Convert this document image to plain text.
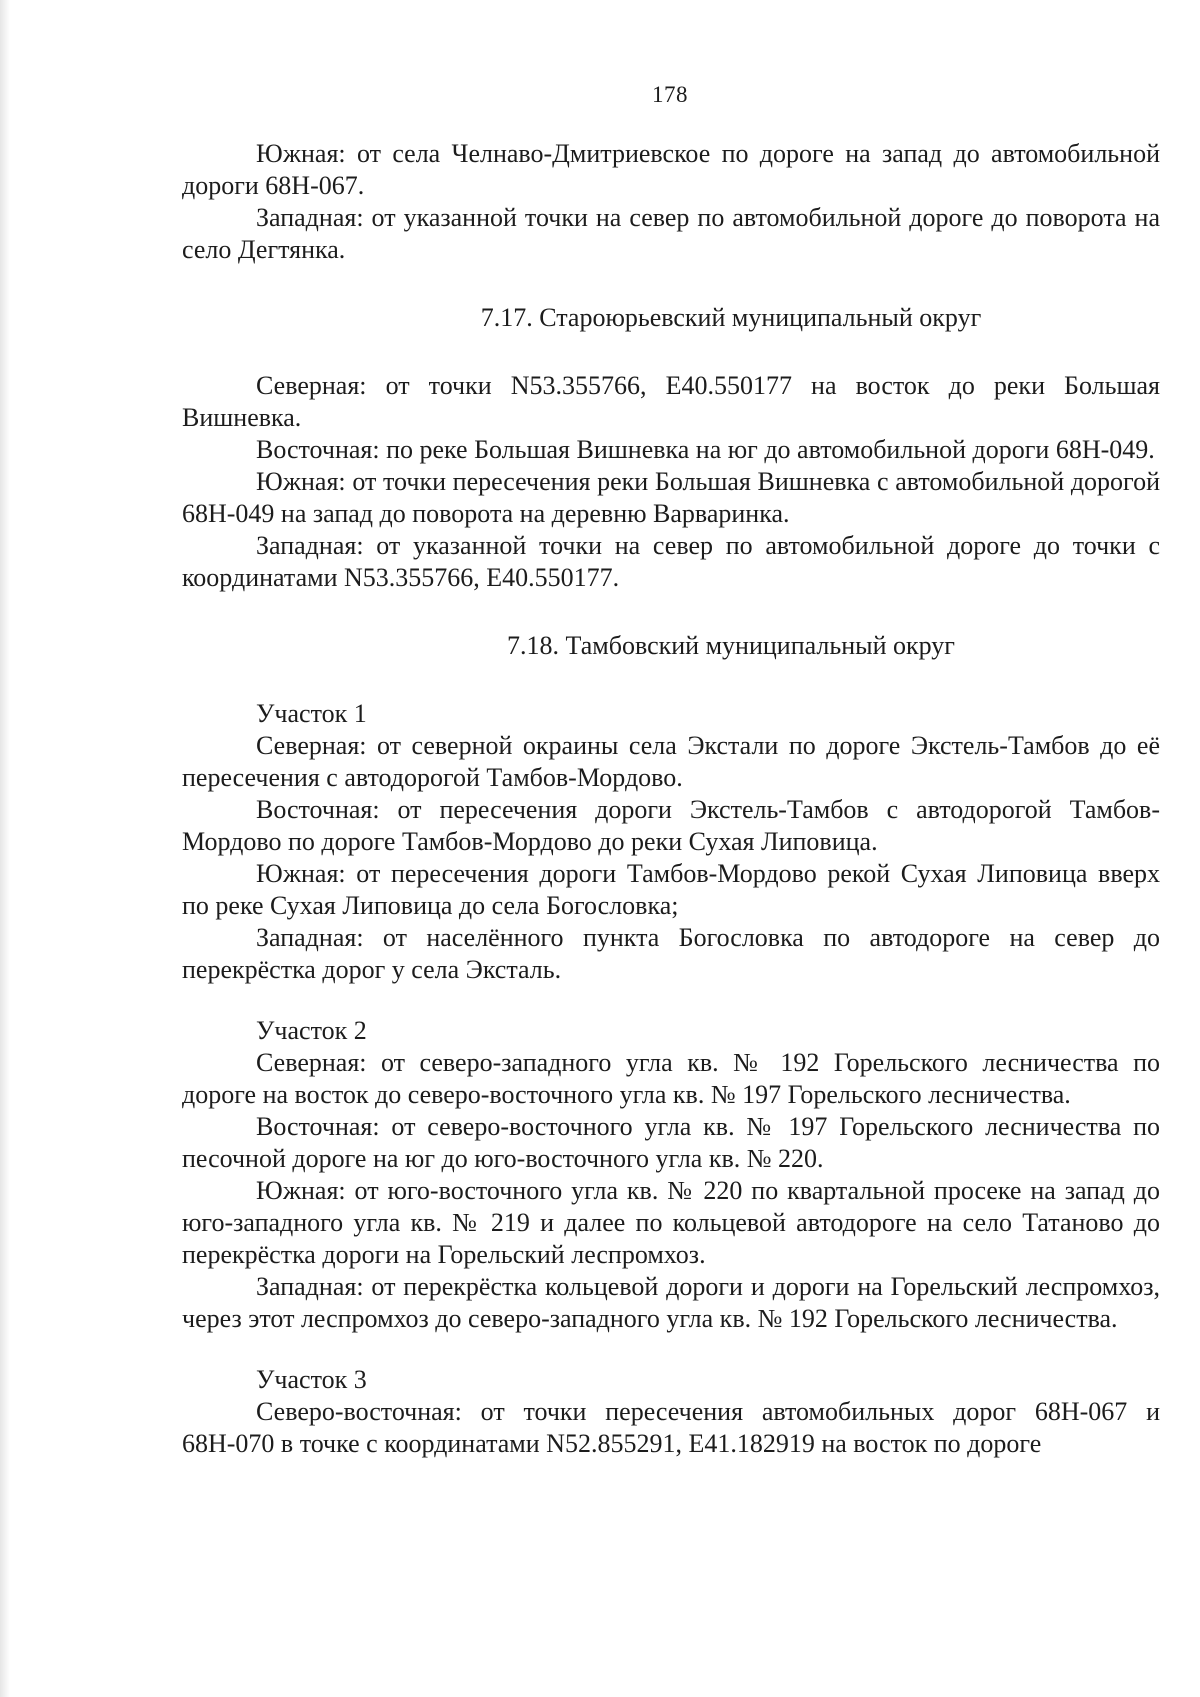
178

Южная: от села Челнаво-Дмитриевское по дороге на запад до автомобильной дороги 68Н-067.

Западная: от указанной точки на север по автомобильной дороге до поворота на село Дегтянка.

7.17. Староюрьевский муниципальный округ

Северная: от точки N53.355766, E40.550177 на восток до реки Большая Вишневка.

Восточная: по реке Большая Вишневка на юг до автомобильной дороги 68Н-049.

Южная: от точки пересечения реки Большая Вишневка с автомобильной дорогой 68Н-049 на запад до поворота на деревню Варваринка.

Западная: от указанной точки на север по автомобильной дороге до точки с координатами N53.355766, E40.550177.

7.18. Тамбовский муниципальный округ

Участок 1

Северная: от северной окраины села Экстали по дороге Экстель-Тамбов до её пересечения с автодорогой Тамбов-Мордово.

Восточная: от пересечения дороги Экстель-Тамбов с автодорогой Тамбов-Мордово по дороге Тамбов-Мордово до реки Сухая Липовица.

Южная: от пересечения дороги Тамбов-Мордово рекой Сухая Липовица вверх по реке Сухая Липовица до села Богословка;

Западная: от населённого пункта Богословка по автодороге на север до перекрёстка дорог у села Эксталь.

Участок 2

Северная: от северо-западного угла кв. № 192 Горельского лесничества по дороге на восток до северо-восточного угла кв. № 197 Горельского лесничества.

Восточная: от северо-восточного угла кв. № 197 Горельского лесничества по песочной дороге на юг до юго-восточного угла кв. № 220.

Южная: от юго-восточного угла кв. № 220 по квартальной просеке на запад до юго-западного угла кв. № 219 и далее по кольцевой автодороге на село Татаново до перекрёстка дороги на Горельский леспромхоз.

Западная: от перекрёстка кольцевой дороги и дороги на Горельский леспромхоз, через этот леспромхоз до северо-западного угла кв. № 192 Горельского лесничества.

Участок 3

Северо-восточная: от точки пересечения автомобильных дорог 68Н-067 и 68Н-070 в точке с координатами N52.855291, E41.182919 на восток по дороге
